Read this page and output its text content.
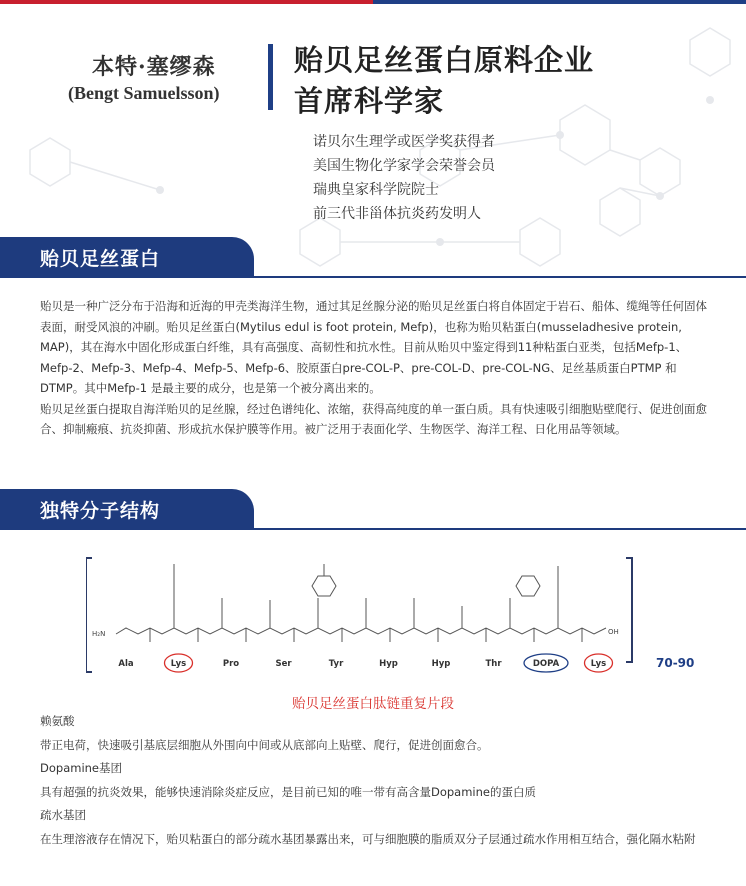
本特·塞缪森
(Bengt Samuelsson)
贻贝足丝蛋白原料企业
首席科学家
诺贝尔生理学或医学奖获得者
美国生物化学家学会荣誉会员
瑞典皇家科学院院士
前三代非甾体抗炎药发明人
贻贝足丝蛋白

贻贝是一种广泛分布于沿海和近海的甲壳类海洋生物，通过其足丝腺分泌的贻贝足丝蛋白将自体固定于岩石、船体、缆绳等任何固体表面，耐受风浪的冲刷。贻贝足丝蛋白(Mytilus edul is foot protein, Mefp)，也称为贻贝粘蛋白(musseladhesive protein, MAP)，其在海水中固化形成蛋白纤维，具有高强度、高韧性和抗水性。目前从贻贝中鉴定得到11种粘蛋白亚类，包括Mefp-1、Mefp-2、Mefp-3、Mefp-4、Mefp-5、Mefp-6、胶原蛋白pre-COL-P、pre-COL-D、pre-COL-NG、足丝基质蛋白PTMP 和 DTMP。其中Mefp-1 是最主要的成分，也是第一个被分离出来的。

贻贝足丝蛋白提取自海洋贻贝的足丝腺，经过色谱纯化、浓缩，获得高纯度的单一蛋白质。具有快速吸引细胞贴壁爬行、促进创面愈合、抑制瘢痕、抗炎抑菌、形成抗水保护膜等作用。被广泛用于表面化学、生物医学、海洋工程、日化用品等领域。

独特分子结构
H₂N	OH
Ala	Lys	Pro	Ser	Tyr	Hyp	Hyp	Thr	DOPA	Lys	70-90
贻贝足丝蛋白肽链重复片段
赖氨酸
带正电荷，快速吸引基底层细胞从外围向中间或从底部向上贴壁、爬行，促进创面愈合。
Dopamine基团
具有超强的抗炎效果，能够快速消除炎症反应，是目前已知的唯一带有高含量Dopamine的蛋白质
疏水基团
在生理溶液存在情况下，贻贝粘蛋白的部分疏水基团暴露出来，可与细胞膜的脂质双分子层通过疏水作用相互结合，强化隔水粘附
